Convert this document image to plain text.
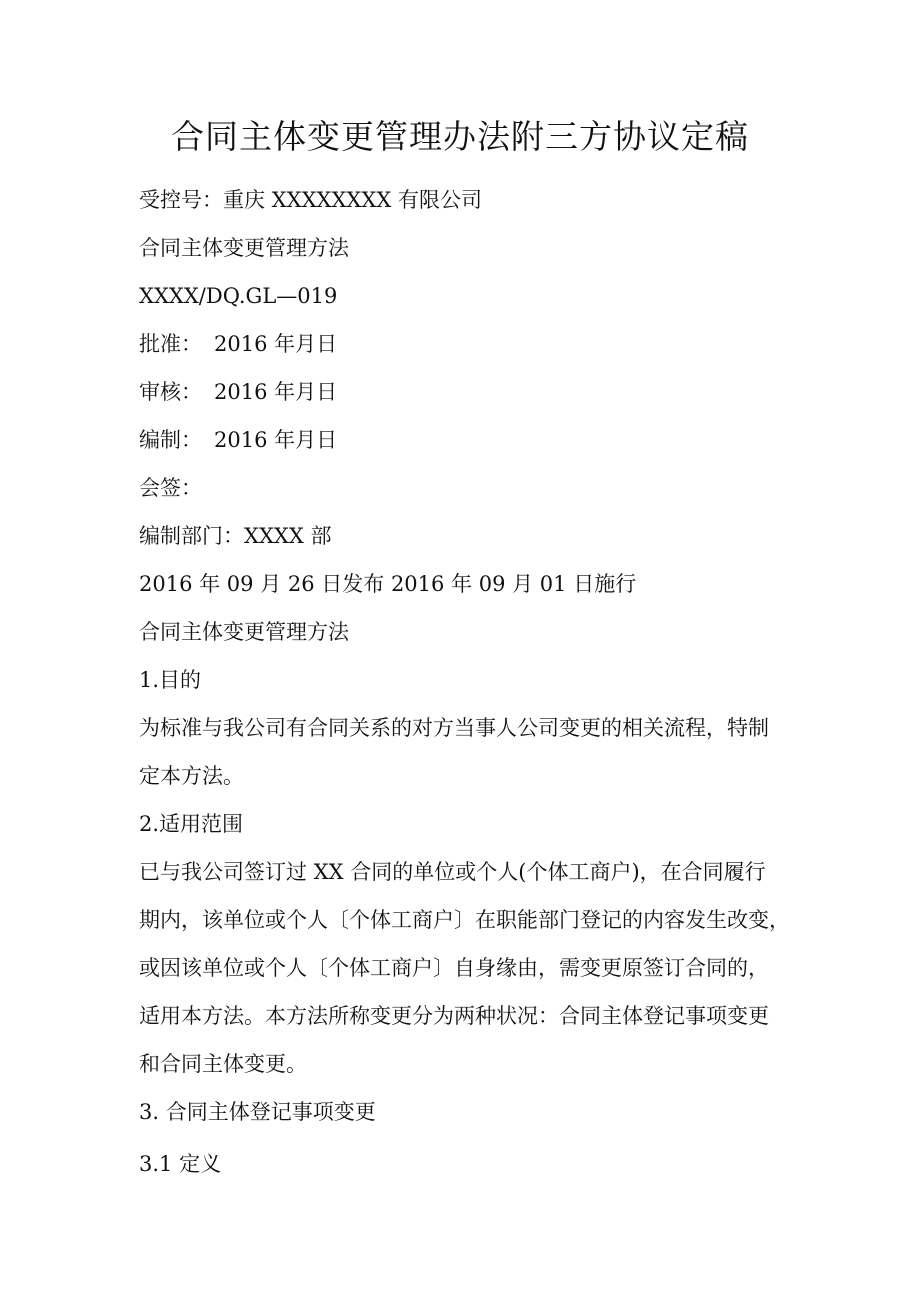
合同主体变更管理办法附三方协议定稿
受控号：重庆 XXXXXXXX 有限公司
合同主体变更管理方法
XXXX/DQ.GL—019
批准： 2016 年月日
审核： 2016 年月日
编制： 2016 年月日
会签：
编制部门：XXXX 部
2016 年 09 月 26 日发布 2016 年 09 月 01 日施行
合同主体变更管理方法
1.目的
为标准与我公司有合同关系的对方当事人公司变更的相关流程，特制
定本方法。
2.适用范围
已与我公司签订过 XX 合同的单位或个人(个体工商户)，在合同履行
期内，该单位或个人〔个体工商户〕在职能部门登记的内容发生改变，
或因该单位或个人〔个体工商户〕自身缘由，需变更原签订合同的，
适用本方法。本方法所称变更分为两种状况：合同主体登记事项变更
和合同主体变更。
3. 合同主体登记事项变更
3.1 定义
